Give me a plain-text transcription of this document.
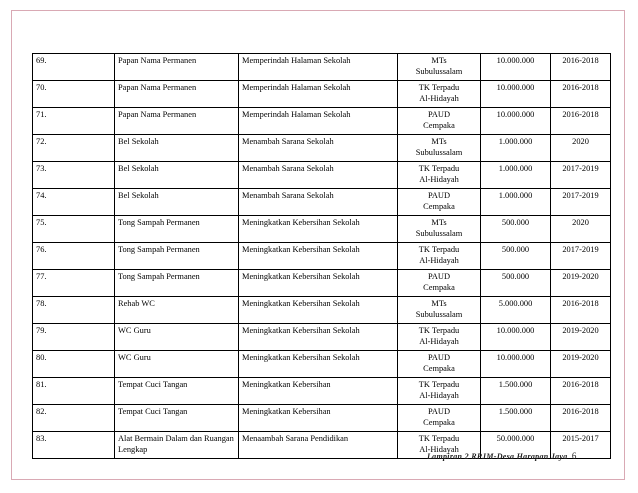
69.	Papan Nama Permanen	Memperindah Halaman Sekolah	MTs
Subulussalam	10.000.000	2016-2018
70.	Papan Nama Permanen	Memperindah Halaman Sekolah	TK Terpadu
Al-Hidayah	10.000.000	2016-2018
71.	Papan Nama Permanen	Memperindah Halaman Sekolah	PAUD
Cempaka	10.000.000	2016-2018
72.	Bel Sekolah	Menambah Sarana Sekolah	MTs
Subulussalam	1.000.000	2020
73.	Bel Sekolah	Menambah Sarana Sekolah	TK Terpadu
Al-Hidayah	1.000.000	2017-2019
74.	Bel Sekolah	Menambah Sarana Sekolah	PAUD
Cempaka	1.000.000	2017-2019
75.	Tong Sampah Permanen	Meningkatkan Kebersihan Sekolah	MTs
Subulussalam	500.000	2020
76.	Tong Sampah Permanen	Meningkatkan Kebersihan Sekolah	TK Terpadu
Al-Hidayah	500.000	2017-2019
77.	Tong Sampah Permanen	Meningkatkan Kebersihan Sekolah	PAUD
Cempaka	500.000	2019-2020
78.	Rehab WC	Meningkatkan Kebersihan Sekolah	MTs
Subulussalam	5.000.000	2016-2018
79.	WC Guru	Meningkatkan Kebersihan Sekolah	TK Terpadu
Al-Hidayah	10.000.000	2019-2020
80.	WC Guru	Meningkatkan Kebersihan Sekolah	PAUD
Cempaka	10.000.000	2019-2020
81.	Tempat Cuci Tangan	Meningkatkan Kebersihan	TK Terpadu
Al-Hidayah	1.500.000	2016-2018
82.	Tempat Cuci Tangan	Meningkatkan Kebersihan	PAUD
Cempaka	1.500.000	2016-2018
83.	Alat Bermain Dalam dan Ruangan Lengkap	Menaambah Sarana Pendidikan	TK Terpadu
Al-Hidayah	50.000.000	2015-2017
Lampiran 2 RPJM-Desa Harapan Jaya 6
